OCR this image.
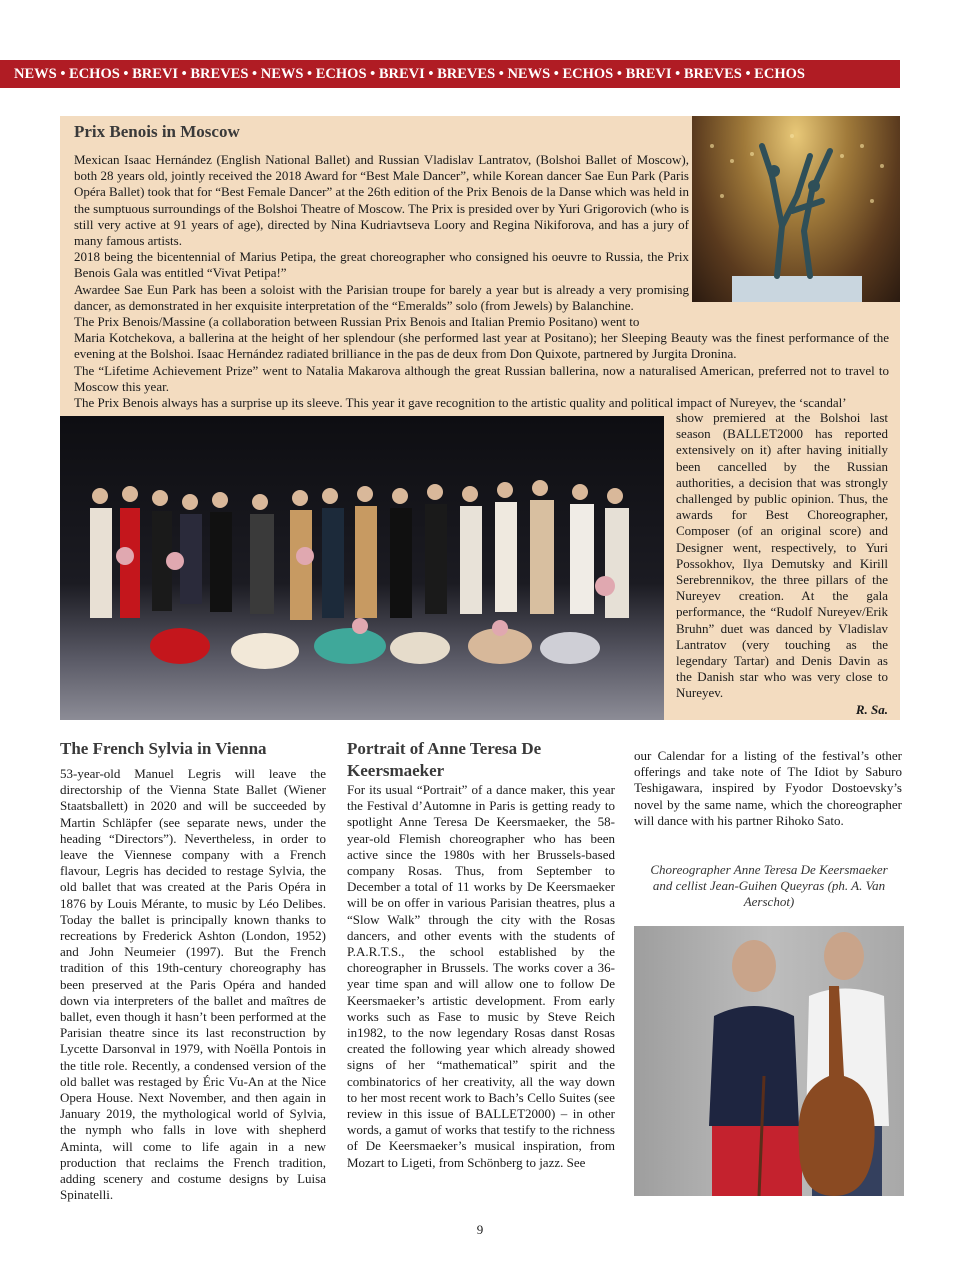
NEWS • ECHOS • BREVI • BREVES • NEWS • ECHOS • BREVI • BREVES • NEWS • ECHOS • BREVI • BREVES • ECHOS
Prix Benois in Moscow

Mexican Isaac Hernández (English National Ballet) and Russian Vladislav Lantratov, (Bolshoi Ballet of Moscow), both 28 years old, jointly received the 2018 Award for “Best Male Dancer”, while Korean dancer Sae Eun Park (Paris Opéra Ballet) took that for “Best Female Dancer” at the 26th edition of the Prix Benois de la Danse which was held in the sumptuous surroundings of the Bolshoi Theatre of Moscow. The Prix is presided over by Yuri Grigorovich (who is still very active at 91 years of age), directed by Nina Kudriavtseva Loory and Regina Nikiforova, and has a jury of many famous artists.

2018 being the bicentennial of Marius Petipa, the great choreographer who consigned his oeuvre to Russia, the Prix Benois Gala was entitled “Vivat Petipa!”

Awardee Sae Eun Park has been a soloist with the Parisian troupe for barely a year but is already a very promising dancer, as demonstrated in her exquisite interpretation of the “Emeralds” solo (from Jewels) by Balanchine.

The Prix Benois/Massine (a collaboration between Russian Prix Benois and Italian Premio Positano) went to

Maria Kotchekova, a ballerina at the height of her splendour (she performed last year at Positano); her Sleeping Beauty was the finest performance of the evening at the Bolshoi. Isaac Hernández radiated brilliance in the pas de deux from Don Quixote, partnered by Jurgita Dronina.

The “Lifetime Achievement Prize” went to Natalia Makarova although the great Russian ballerina, now a naturalised American, preferred not to travel to Moscow this year.

The Prix Benois always has a surprise up its sleeve. This year it gave recognition to the artistic quality and political impact of Nureyev, the ‘scandal’

show premiered at the Bolshoi last season (BALLET2000 has reported extensively on it) after having initially been cancelled by the Russian authorities, a decision that was strongly challenged by public opinion. Thus, the awards for Best Choreographer, Composer (of an original score) and Designer went, respectively, to Yuri Possokhov, Ilya Demutsky and Kirill Serebrennikov, the three pillars of the Nureyev creation. At the gala performance, the “Rudolf Nureyev/Erik Bruhn” duet was danced by Vladislav Lantratov (very touching as the legendary Tartar) and Denis Davin as the Danish star who was very close to Nureyev.

R. Sa.

The French Sylvia in Vienna

53-year-old Manuel Legris will leave the directorship of the Vienna State Ballet (Wiener Staatsballett) in 2020 and will be succeeded by Martin Schläpfer (see separate news, under the heading “Directors”). Nevertheless, in order to leave the Viennese company with a French flavour, Legris has decided to restage Sylvia, the old ballet that was created at the Paris Opéra in 1876 by Louis Mérante, to music by Léo Delibes. Today the ballet is principally known thanks to recreations by Frederick Ashton (London, 1952) and John Neumeier (1997). But the French tradition of this 19th-century choreography has been preserved at the Paris Opéra and handed down via interpreters of the ballet and maîtres de ballet, even though it hasn’t been performed at the Parisian theatre since its last reconstruction by Lycette Darsonval in 1979, with Noëlla Pontois in the title role. Recently, a condensed version of the old ballet was restaged by Éric Vu-An at the Nice Opera House. Next November, and then again in January 2019, the mythological world of Sylvia, the nymph who falls in love with shepherd Aminta, will come to life again in a new production that reclaims the French tradition, adding scenery and costume designs by Luisa Spinatelli.

Portrait of Anne Teresa De Keersmaeker

For its usual “Portrait” of a dance maker, this year the Festival d’Automne in Paris is getting ready to spotlight Anne Teresa De Keersmaeker, the 58-year-old Flemish choreographer who has been active since the 1980s with her Brussels-based company Rosas. Thus, from September to December a total of 11 works by De Keersmaeker will be on offer in various Parisian theatres, plus a “Slow Walk” through the city with the Rosas dancers, and other events with the students of P.A.R.T.S., the school established by the choreographer in Brussels. The works cover a 36-year time span and will allow one to follow De Keersmaeker’s artistic development. From early works such as Fase to music by Steve Reich in1982, to the now legendary Rosas danst Rosas created the following year which already showed signs of her “mathematical” spirit and the combinatorics of her creativity, all the way down to her most recent work to Bach’s Cello Suites (see review in this issue of BALLET2000) – in other words, a gamut of works that testify to the richness of De Keersmaeker’s musical inspiration, from Mozart to Ligeti, from Schönberg to jazz. See

our Calendar for a listing of the festival’s other offerings and take note of The Idiot by Saburo Teshigawara, inspired by Fyodor Dostoevsky’s novel by the same name, which the choreographer will dance with his partner Rihoko Sato.

Choreographer Anne Teresa De Keersmaeker and cellist Jean-Guihen Queyras (ph. A. Van Aerschot)
9
